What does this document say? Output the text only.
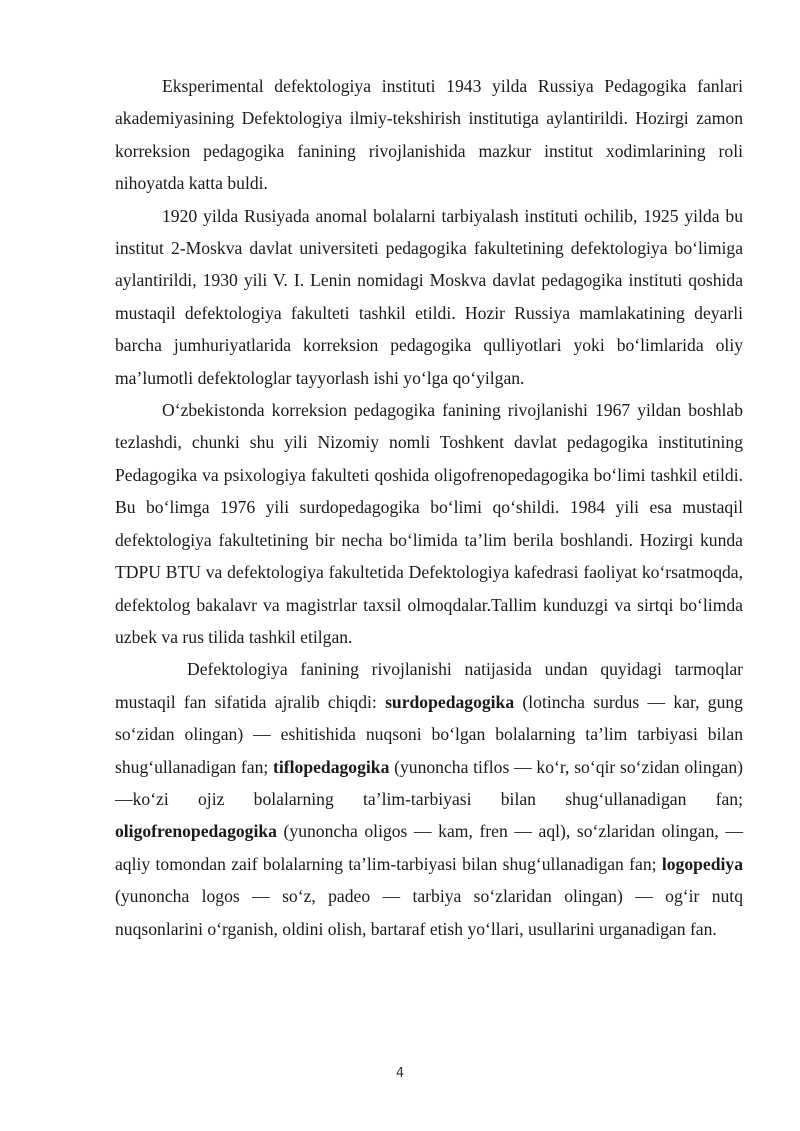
Eksperimental defektologiya instituti 1943 yilda Russiya Pedagogika fanlari akademiyasining Defektologiya ilmiy-tekshirish institutiga aylantirildi. Hozirgi zamon korreksion pedagogika fanining rivojlanishida mazkur institut xodimlarining roli nihoyatda katta buldi.

1920 yilda Rusiyada anomal bolalarni tarbiyalash instituti ochilib, 1925 yilda bu institut 2-Moskva davlat universiteti pedagogika fakultetining defektologiya bo‘limiga aylantirildi, 1930 yili V. I. Lenin nomidagi Moskva davlat pedagogika instituti qoshida mustaqil defektologiya fakulteti tashkil etildi. Hozir Russiya mamlakatining deyarli barcha jumhuriyatlarida korreksion pedagogika qulliyotlari yoki bo‘limlarida oliy ma’lumotli defektologlar tayyorlash ishi yo‘lga qo‘yilgan.

O‘zbekistonda korreksion pedagogika fanining rivojlanishi 1967 yildan boshlab tezlashdi, chunki shu yili Nizomiy nomli Toshkent davlat pedagogika institutining Pedagogika va psixologiya fakulteti qoshida oligofrenopedagogika bo‘limi tashkil etildi. Bu bo‘limga 1976 yili surdopedagogika bo‘limi qo‘shildi. 1984 yili esa mustaqil defektologiya fakultetining bir necha bo‘limida ta’lim berila boshlandi. Hozirgi kunda TDPU BTU va defektologiya fakultetida Defektologiya kafedrasi faoliyat ko‘rsatmoqda, defektolog bakalavr va magistrlar taxsil olmoqdalar.Tallim kunduzgi va sirtqi bo‘limda uzbek va rus tilida tashkil etilgan.

Defektologiya fanining rivojlanishi natijasida undan quyidagi tarmoqlar mustaqil fan sifatida ajralib chiqdi: surdopedagogika (lotincha surdus — kar, gung so‘zidan olingan) — eshitishida nuqsoni bo‘lgan bolalarning ta’lim tarbiyasi bilan shug‘ullanadigan fan; tiflopedagogika (yunoncha tiflos — ko‘r, so‘qir so‘zidan olingan) —ko‘zi ojiz bolalarning ta’lim-tarbiyasi bilan shug‘ullanadigan fan; oligofrenopedagogika (yunoncha oligos — kam, fren — aql), so‘zlaridan olingan, — aqliy tomondan zaif bolalarning ta’lim-tarbiyasi bilan shug‘ullanadigan fan; logopediya (yunoncha logos — so‘z, padeo — tarbiya so‘zlaridan olingan) — og‘ir nutq nuqsonlarini o‘rganish, oldini olish, bartaraf etish yo‘llari, usullarini urganadigan fan.

4
